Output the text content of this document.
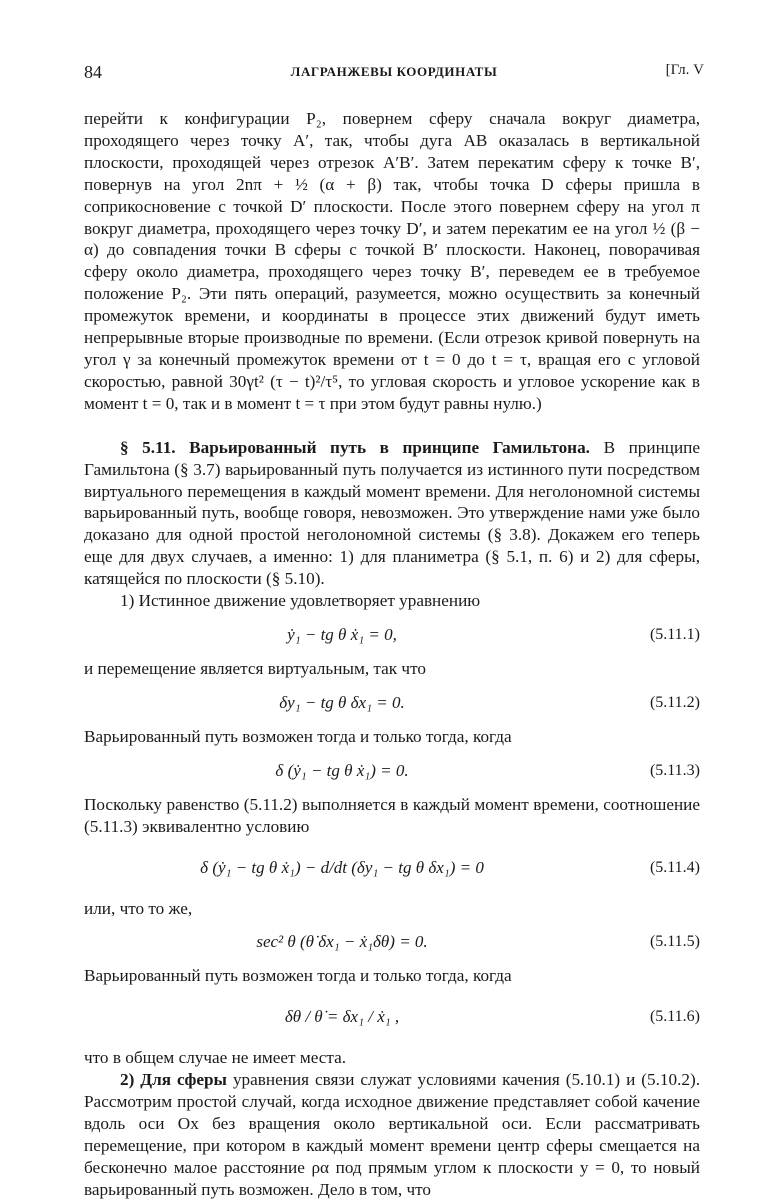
84	ЛАГРАНЖЕВЫ КООРДИНАТЫ	[Гл. V

перейти к конфигурации P₂, повернем сферу сначала вокруг диаметра, проходящего через точку A′, так, чтобы дуга AB оказалась в вертикальной плоскости, проходящей через отрезок A′B′. Затем перекатим сферу к точке B′, повернув на угол 2nπ + ½ (α + β) так, чтобы точка D сферы пришла в соприкосновение с точкой D′ плоскости. После этого повернем сферу на угол π вокруг диаметра, проходящего через точку D′, и затем перекатим ее на угол ½ (β − α) до совпадения точки B сферы с точкой B′ плоскости. Наконец, поворачивая сферу около диаметра, проходящего через точку B′, переведем ее в требуемое положение P₂. Эти пять операций, разумеется, можно осуществить за конечный промежуток времени, и координаты в процессе этих движений будут иметь непрерывные вторые производные по времени. (Если отрезок кривой повернуть на угол γ за конечный промежуток времени от t = 0 до t = τ, вращая его с угловой скоростью, равной 30γt² (τ − t)²/τ⁵, то угловая скорость и угловое ускорение как в момент t = 0, так и в момент t = τ при этом будут равны нулю.)

§ 5.11. Варьированный путь в принципе Гамильтона. В принципе Гамильтона (§ 3.7) варьированный путь получается из истинного пути посредством виртуального перемещения в каждый момент времени. Для неголономной системы варьированный путь, вообще говоря, невозможен. Это утверждение нами уже было доказано для одной простой неголономной системы (§ 3.8). Докажем его теперь еще для двух случаев, а именно: 1) для планиметра (§ 5.1, п. 6) и 2) для сферы, катящейся по плоскости (§ 5.10).

1) Истинное движение удовлетворяет уравнению

ẏ₁ − tg θ ẋ₁ = 0,	(5.11.1)

и перемещение является виртуальным, так что

δy₁ − tg θ δx₁ = 0.	(5.11.2)

Варьированный путь возможен тогда и только тогда, когда

δ (ẏ₁ − tg θ ẋ₁) = 0.	(5.11.3)

Поскольку равенство (5.11.2) выполняется в каждый момент времени, соотношение (5.11.3) эквивалентно условию

δ (ẏ₁ − tg θ ẋ₁) − d/dt (δy₁ − tg θ δx₁) = 0	(5.11.4)

или, что то же,

sec² θ (θ̇ δx₁ − ẋ₁δθ) = 0.	(5.11.5)

Варьированный путь возможен тогда и только тогда, когда

δθ / θ̇ = δx₁ / ẋ₁ ,	(5.11.6)

что в общем случае не имеет места.

2) Для сферы уравнения связи служат условиями качения (5.10.1) и (5.10.2). Рассмотрим простой случай, когда исходное движение представляет собой качение вдоль оси Ox без вращения около вертикальной оси. Если рассматривать перемещение, при котором в каждый момент времени центр сферы смещается на бесконечно малое расстояние ρα под прямым углом к плоскости y = 0, то новый варьированный путь возможен. Дело в том, что
